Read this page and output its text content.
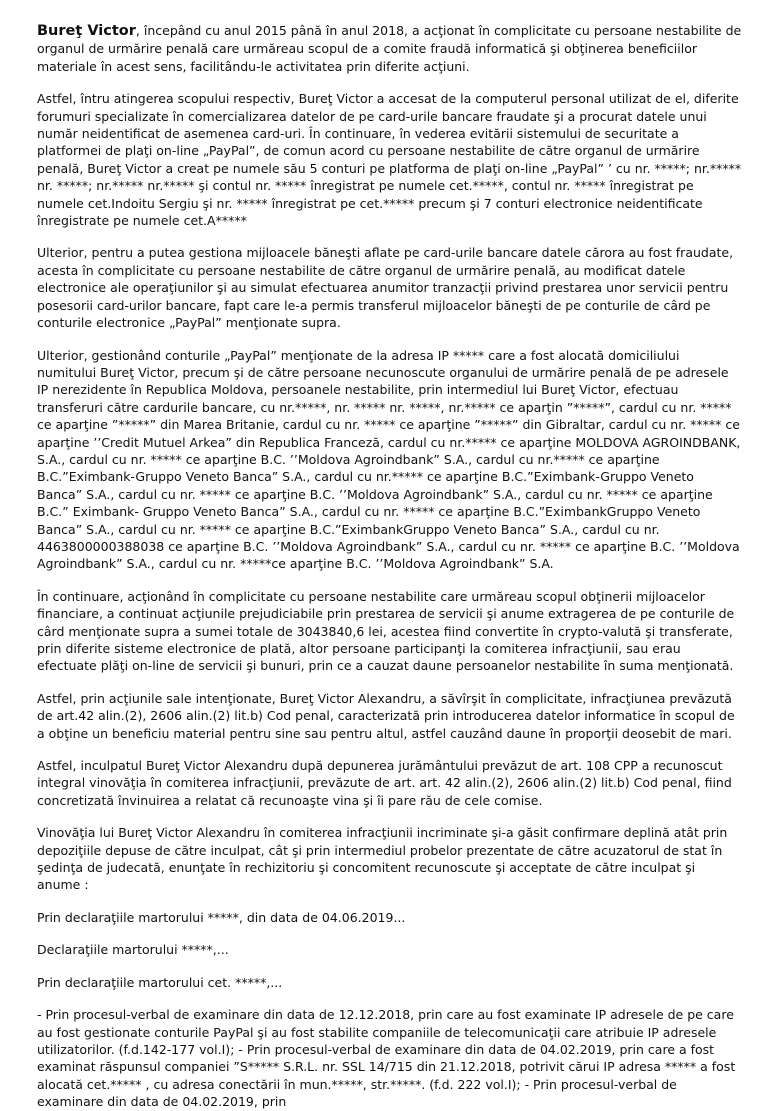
Bureţ Victor, începând cu anul 2015 până în anul 2018, a acţionat în complicitate cu persoane nestabilite de organul de urmărire penală care urmăreau scopul de a comite fraudă informatică şi obţinerea beneficiilor materiale în acest sens, facilitându-le activitatea prin diferite acţiuni.

Astfel, întru atingerea scopului respectiv, Bureţ Victor a accesat de la computerul personal utilizat de el, diferite forumuri specializate în comercializarea datelor de pe card-urile bancare fraudate şi a procurat datele unui număr neidentificat de asemenea card-uri. În continuare, în vederea evitării sistemului de securitate a platformei de plaţi on-line „PayPal”, de comun acord cu persoane nestabilite de către organul de urmărire penală, Bureţ Victor a creat pe numele său 5 conturi pe platforma de plaţi on-line „PayPal” ’ cu nr. *****; nr.***** nr. *****; nr.***** nr.***** şi contul nr. ***** înregistrat pe numele cet.*****, contul nr. ***** înregistrat pe numele cet.Indoitu Sergiu şi nr. ***** înregistrat pe cet.***** precum şi 7 conturi electronice neidentificate înregistrate pe numele cet.A*****

Ulterior, pentru a putea gestiona mijloacele băneşti aflate pe card-urile bancare datele cărora au fost fraudate, acesta în complicitate cu persoane nestabilite de către organul de urmărire penală, au modificat datele electronice ale operaţiunilor şi au simulat efectuarea anumitor tranzacţii privind prestarea unor servicii pentru posesorii card-urilor bancare, fapt care le-a permis transferul mijloacelor băneşti de pe conturile de cârd pe conturile electronice „PayPal” menţionate supra.

Ulterior, gestionând conturile „PayPal” menţionate de la adresa IP ***** care a fost alocată domiciliului numitului Bureţ Victor, precum şi de către persoane necunoscute organului de urmărire penală de pe adresele IP nerezidente în Republica Moldova, persoanele nestabilite, prin intermediul lui Bureţ Victor, efectuau transferuri către cardurile bancare, cu nr.*****, nr. ***** nr. *****, nr.***** ce aparţin ”*****”, cardul cu nr. ***** ce aparţine ”*****” din Marea Britanie, cardul cu nr. ***** ce aparţine ”*****” din Gibraltar, cardul cu nr. ***** ce aparţine ’’Credit Mutuel Arkea” din Republica Franceză, cardul cu nr.***** ce aparţine MOLDOVA AGROINDBANK, S.A., cardul cu nr. ***** ce aparţine B.C. ’’Moldova Agroindbank” S.A., cardul cu nr.***** ce aparţine B.C.”Eximbank-Gruppo Veneto Banca” S.A., cardul cu nr.***** ce aparţine B.C.”Eximbank-Gruppo Veneto Banca” S.A., cardul cu nr. ***** ce aparţine B.C. ’’Moldova Agroindbank” S.A., cardul cu nr. ***** ce aparţine B.C.” Eximbank- Gruppo Veneto Banca” S.A., cardul cu nr. ***** ce aparţine B.C.”EximbankGruppo Veneto Banca” S.A., cardul cu nr. ***** ce aparţine B.C.”EximbankGruppo Veneto Banca” S.A., cardul cu nr. 4463800000388038 ce aparţine B.C. ’’Moldova Agroindbank” S.A., cardul cu nr. ***** ce aparţine B.C. ’’Moldova Agroindbank” S.A., cardul cu nr. *****ce aparţine B.C. ’’Moldova Agroindbank” S.A.

În continuare, acţionând în complicitate cu persoane nestabilite care urmăreau scopul obţinerii mijloacelor financiare, a continuat acţiunile prejudiciabile prin prestarea de servicii şi anume extragerea de pe conturile de cârd menţionate supra a sumei totale de 3043840,6 lei, acestea fiind convertite în crypto-valută şi transferate, prin diferite sisteme electronice de plată, altor persoane participanţi la comiterea infracţiunii, sau erau efectuate plăţi on-line de servicii şi bunuri, prin ce a cauzat daune persoanelor nestabilite în suma menţionată.

Astfel, prin acţiunile sale intenţionate, Bureţ Victor Alexandru, a săvîrşit în complicitate, infracţiunea prevăzută de art.42 alin.(2), 2606 alin.(2) lit.b) Cod penal, caracterizată prin introducerea datelor informatice în scopul de a obţine un beneficiu material pentru sine sau pentru altul, astfel cauzând daune în proporţii deosebit de mari.

Astfel, inculpatul Bureţ Victor Alexandru după depunerea jurământului prevăzut de art. 108 CPP a recunoscut integral vinovăţia în comiterea infracţiunii, prevăzute de art. art. 42 alin.(2), 2606 alin.(2) lit.b) Cod penal, fiind concretizată învinuirea a relatat că recunoaşte vina şi îi pare rău de cele comise.

Vinovăţia lui Bureţ Victor Alexandru în comiterea infracţiunii incriminate şi-a găsit confirmare deplină atât prin depoziţiile depuse de către inculpat, cât şi prin intermediul probelor prezentate de către acuzatorul de stat în şedinţa de judecată, enunţate în rechizitoriu şi concomitent recunoscute şi acceptate de către inculpat şi anume :

Prin declaraţiile martorului *****, din data de 04.06.2019...

Declaraţiile martorului *****,...

Prin declaraţiile martorului cet. *****,...

- Prin procesul-verbal de examinare din data de 12.12.2018, prin care au fost examinate IP adresele de pe care au fost gestionate conturile PayPal şi au fost stabilite companiile de telecomunicaţii care atribuie IP adresele utilizatorilor. (f.d.142-177 vol.I); - Prin procesul-verbal de examinare din data de 04.02.2019, prin care a fost examinat răspunsul companiei ”S***** S.R.L. nr. SSL 14/715 din 21.12.2018, potrivit cărui IP adresa ***** a fost alocată cet.***** , cu adresa conectării în mun.*****, str.*****. (f.d. 222 vol.I); - Prin procesul-verbal de examinare din data de 04.02.2019, prin
